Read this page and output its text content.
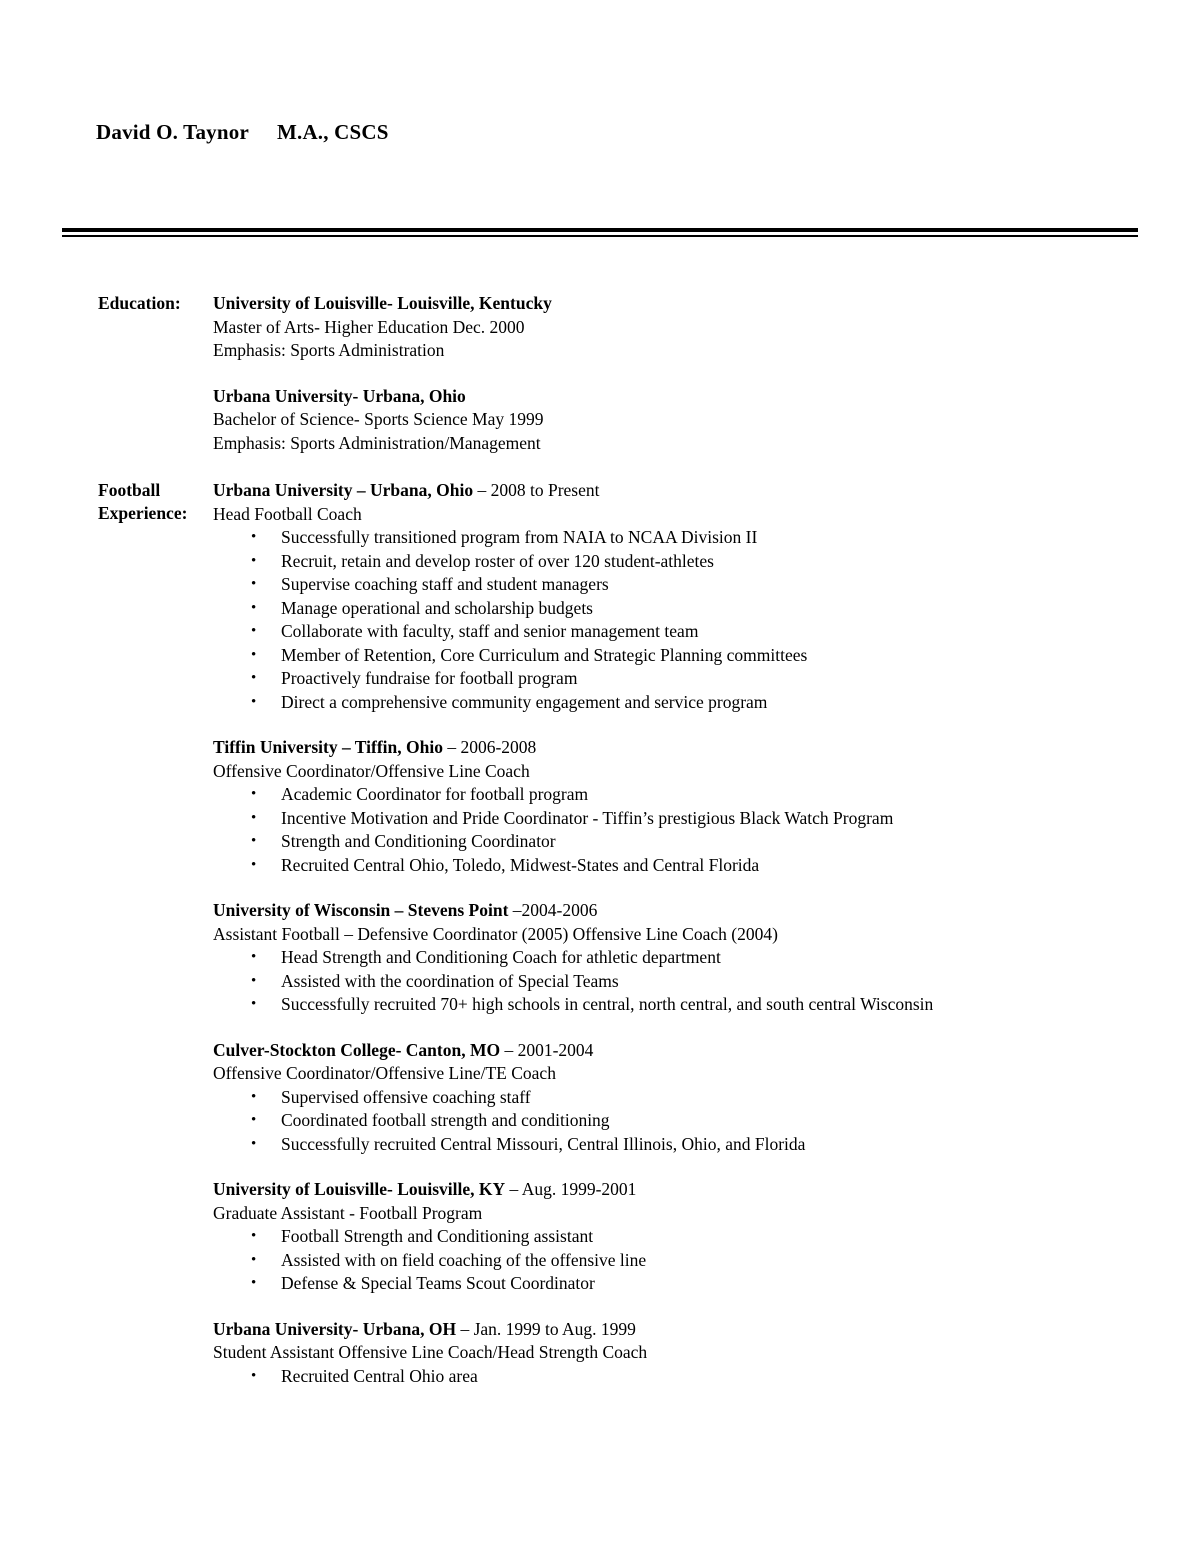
David O. Taynor M.A., CSCS
Education:	University of Louisville- Louisville, Kentucky
Master of Arts- Higher Education Dec. 2000
Emphasis: Sports Administration
Urbana University- Urbana, Ohio
Bachelor of Science- Sports Science May 1999
Emphasis: Sports Administration/Management
Football Experience:
Urbana University – Urbana, Ohio – 2008 to Present
Head Football Coach
• Successfully transitioned program from NAIA to NCAA Division II
• Recruit, retain and develop roster of over 120 student-athletes
• Supervise coaching staff and student managers
• Manage operational and scholarship budgets
• Collaborate with faculty, staff and senior management team
• Member of Retention, Core Curriculum and Strategic Planning committees
• Proactively fundraise for football program
• Direct a comprehensive community engagement and service program
Tiffin University – Tiffin, Ohio – 2006-2008
Offensive Coordinator/Offensive Line Coach
• Academic Coordinator for football program
• Incentive Motivation and Pride Coordinator - Tiffin’s prestigious Black Watch Program
• Strength and Conditioning Coordinator
• Recruited Central Ohio, Toledo, Midwest-States and Central Florida
University of Wisconsin – Stevens Point –2004-2006
Assistant Football – Defensive Coordinator (2005) Offensive Line Coach (2004)
• Head Strength and Conditioning Coach for athletic department
• Assisted with the coordination of Special Teams
• Successfully recruited 70+ high schools in central, north central, and south central Wisconsin
Culver-Stockton College- Canton, MO – 2001-2004
Offensive Coordinator/Offensive Line/TE Coach
• Supervised offensive coaching staff
• Coordinated football strength and conditioning
• Successfully recruited Central Missouri, Central Illinois, Ohio, and Florida
University of Louisville- Louisville, KY – Aug. 1999-2001
Graduate Assistant - Football Program
• Football Strength and Conditioning assistant
• Assisted with on field coaching of the offensive line
• Defense & Special Teams Scout Coordinator
Urbana University- Urbana, OH – Jan. 1999 to Aug. 1999
Student Assistant Offensive Line Coach/Head Strength Coach
• Recruited Central Ohio area
